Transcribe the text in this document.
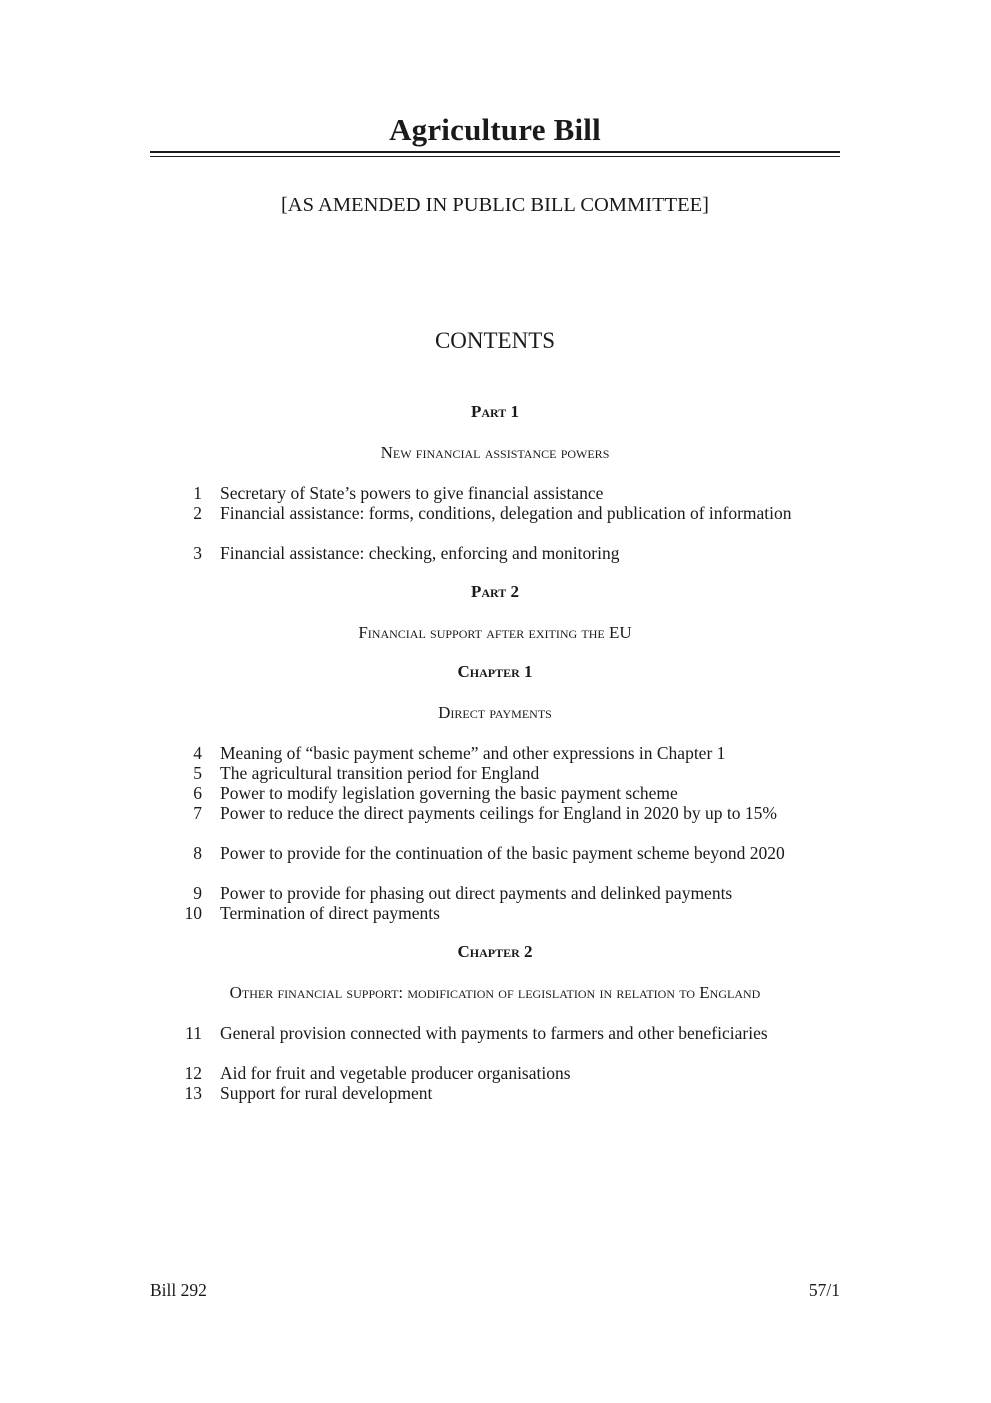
Agriculture Bill
[AS AMENDED IN PUBLIC BILL COMMITTEE]
CONTENTS
Part 1
New financial assistance powers
1 Secretary of State’s powers to give financial assistance
2 Financial assistance: forms, conditions, delegation and publication of information
3 Financial assistance: checking, enforcing and monitoring
Part 2
Financial support after exiting the EU
Chapter 1
Direct payments
4 Meaning of “basic payment scheme” and other expressions in Chapter 1
5 The agricultural transition period for England
6 Power to modify legislation governing the basic payment scheme
7 Power to reduce the direct payments ceilings for England in 2020 by up to 15%
8 Power to provide for the continuation of the basic payment scheme beyond 2020
9 Power to provide for phasing out direct payments and delinked payments
10 Termination of direct payments
Chapter 2
Other financial support: modification of legislation in relation to England
11 General provision connected with payments to farmers and other beneficiaries
12 Aid for fruit and vegetable producer organisations
13 Support for rural development
Bill 292	57/1
